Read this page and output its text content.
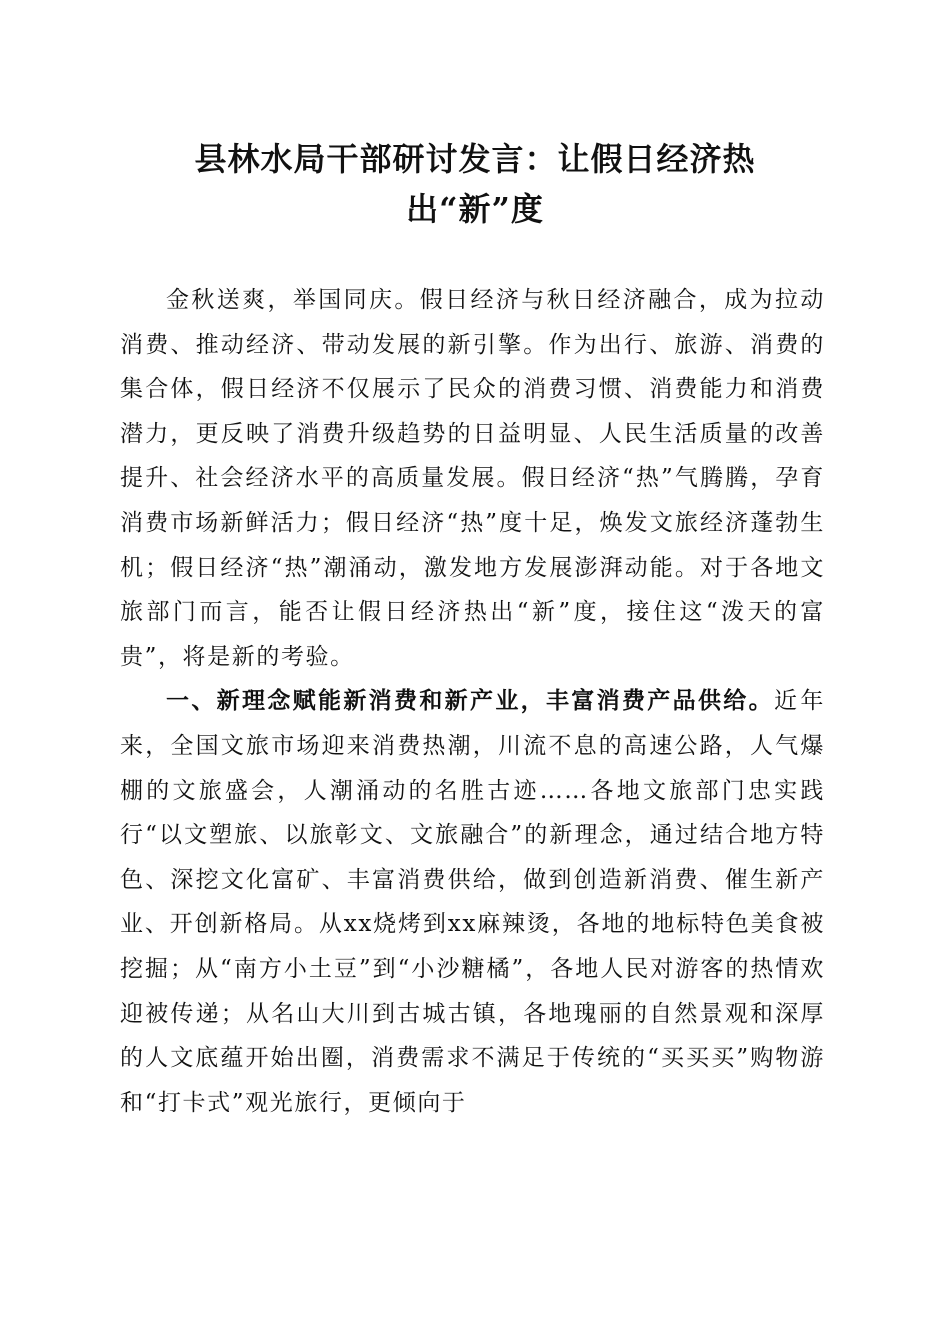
县林水局干部研讨发言：让假日经济热
出“新”度

金秋送爽，举国同庆。假日经济与秋日经济融合，成为拉动消费、推动经济、带动发展的新引擎。作为出行、旅游、消费的集合体，假日经济不仅展示了民众的消费习惯、消费能力和消费潜力，更反映了消费升级趋势的日益明显、人民生活质量的改善提升、社会经济水平的高质量发展。假日经济“热”气腾腾，孕育消费市场新鲜活力；假日经济“热”度十足，焕发文旅经济蓬勃生机；假日经济“热”潮涌动，激发地方发展澎湃动能。对于各地文旅部门而言，能否让假日经济热出“新”度，接住这“泼天的富贵”，将是新的考验。

一、新理念赋能新消费和新产业，丰富消费产品供给。近年来，全国文旅市场迎来消费热潮，川流不息的高速公路，人气爆棚的文旅盛会，人潮涌动的名胜古迹……各地文旅部门忠实践行“以文塑旅、以旅彰文、文旅融合”的新理念，通过结合地方特色、深挖文化富矿、丰富消费供给，做到创造新消费、催生新产业、开创新格局。从xx烧烤到xx麻辣烫，各地的地标特色美食被挖掘；从“南方小土豆”到“小沙糖橘”，各地人民对游客的热情欢迎被传递；从名山大川到古城古镇，各地瑰丽的自然景观和深厚的人文底蕴开始出圈，消费需求不满足于传统的“买买买”购物游和“打卡式”观光旅行，更倾向于
